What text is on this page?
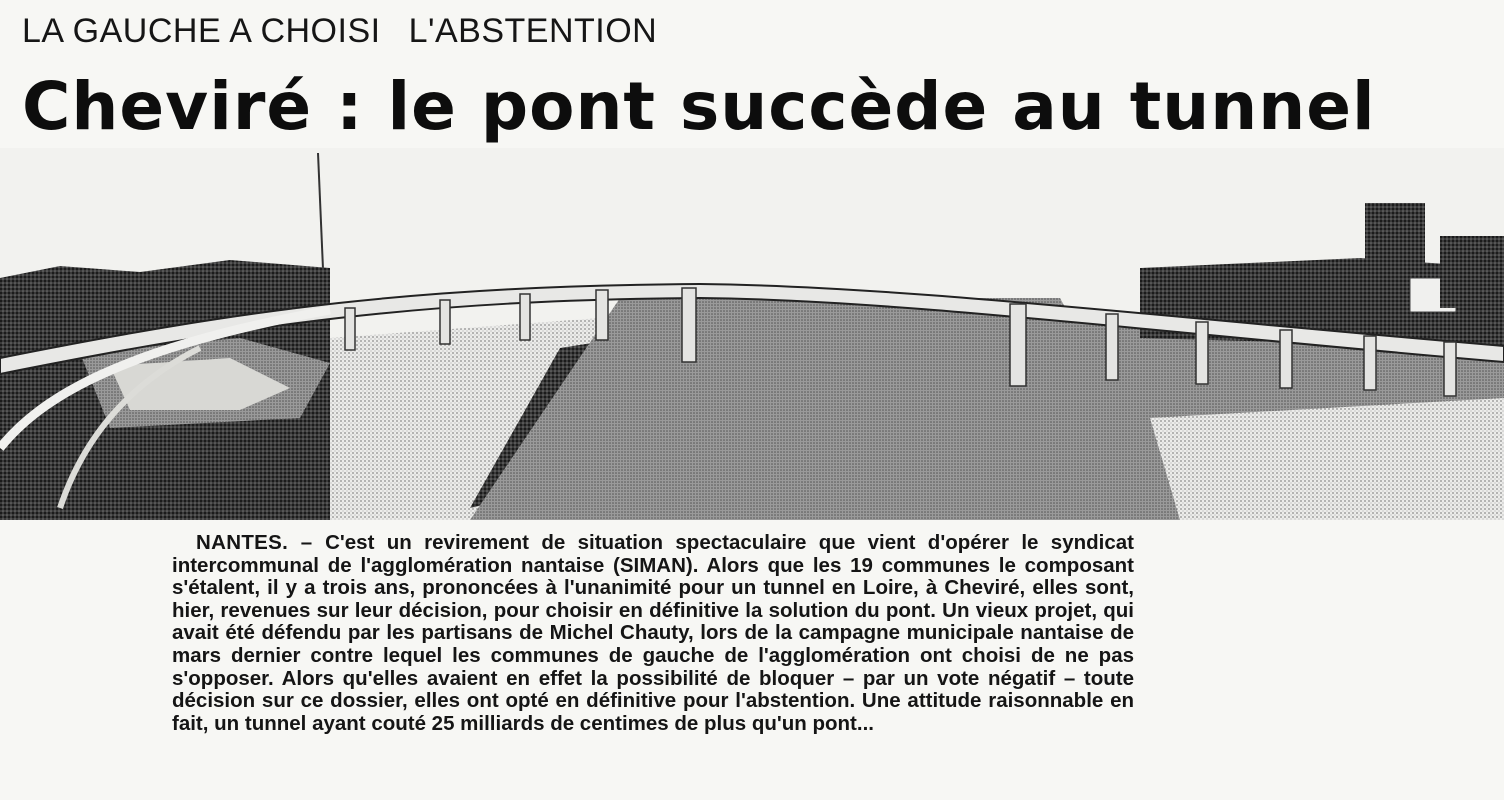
LA GAUCHE A CHOISI L'ABSTENTION
Cheviré : le pont succède au tunnel

NANTES. – C'est un revirement de situation spectaculaire que vient d'opérer le syndicat intercommunal de l'agglomération nantaise (SIMAN). Alors que les 19 communes le composant s'étalent, il y a trois ans, prononcées à l'unanimité pour un tunnel en Loire, à Cheviré, elles sont, hier, revenues sur leur décision, pour choisir en définitive la solution du pont. Un vieux projet, qui avait été défendu par les partisans de Michel Chauty, lors de la campagne municipale nantaise de mars dernier contre lequel les communes de gauche de l'agglomération ont choisi de ne pas s'opposer. Alors qu'elles avaient en effet la possibilité de bloquer – par un vote négatif – toute décision sur ce dossier, elles ont opté en définitive pour l'abstention. Une attitude raisonnable en fait, un tunnel ayant couté 25 milliards de centimes de plus qu'un pont...
